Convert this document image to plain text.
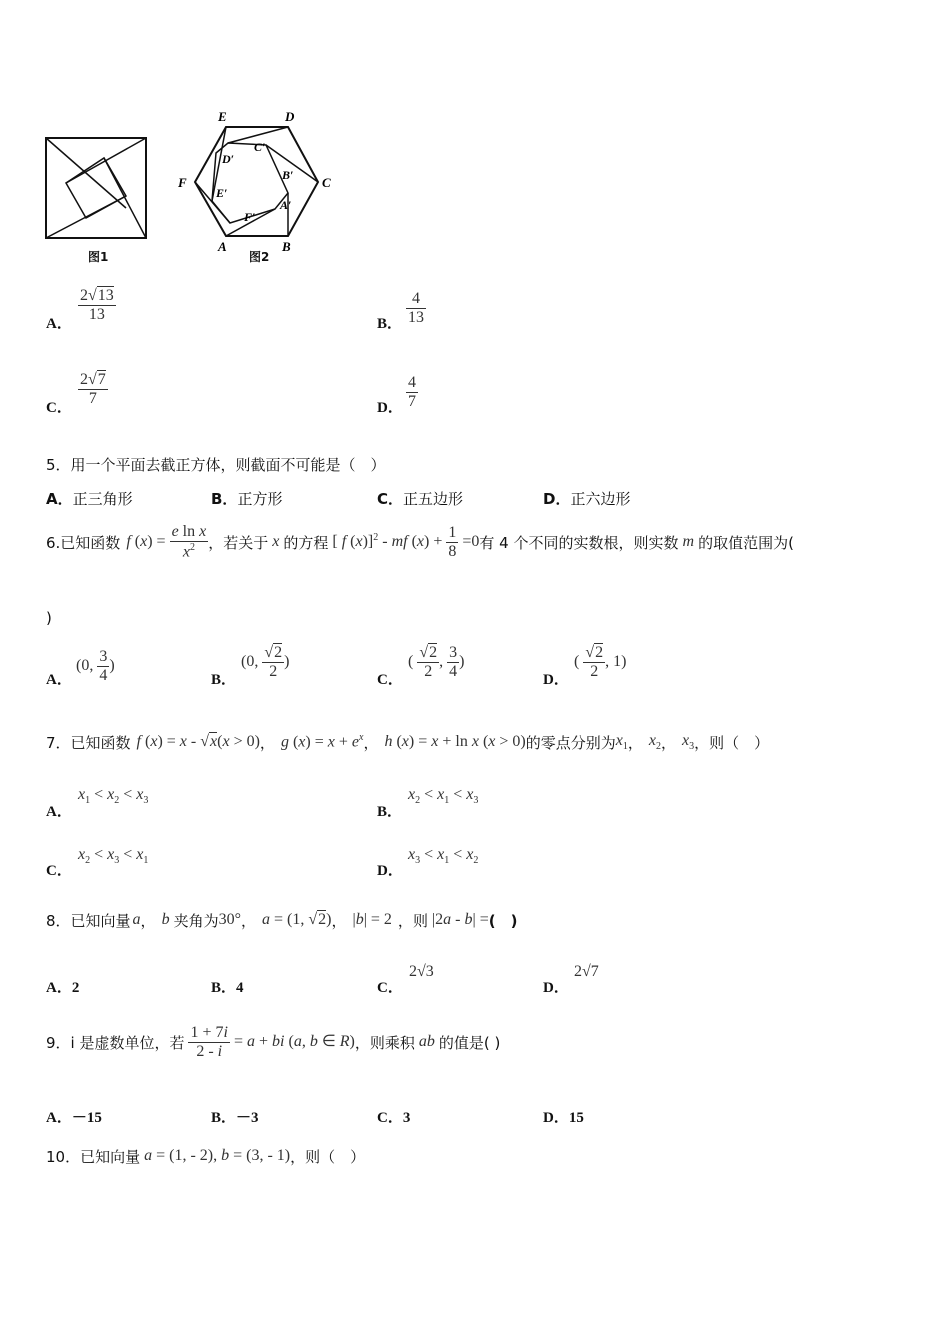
图1
E	D
F	C
A	B
D′
C′
B′
E′
A′
F′
图2
A． $\frac{2√13}{13}$	B． $\frac{4}{13}$
C． $\frac{2√7}{7}$	D． $\frac{4}{7}$
5．用一个平面去截正方体，则截面不可能是（　）
A．正三角形	B．正方形	C．正五边形	D．正六边形
6.已知函数 f $(x) = \frac{\text{e ln x}}{x^2}$ ，若关于 x 的方程 [ f (x)]$^2$ - mf $(x) + \frac{1}{8} =0$ 有 4 个不同的实数根，则实数 m 的取值范围为(
)
A．
(0, $\frac{3}{4}$ )
B．
(0, $\frac{√2}{2}$ )
C．
( $\frac{√2}{2}$ , $\frac{3}{4}$ )
D．
( $\frac{√2}{2}$ , 1)
7．已知函数 f (x) = x - √x(x > 0) ， g $(x) = x + e^x$ ， h (x) = x + ln x (x > 0) 的零点分别为 $x_1$ ， $x_2$ ， $x_3$ ，则（　）
A．
$x_1 < x_2 < x_3$
B．
$x_2 < x_1 < x_3$
C．
$x_2 < x_3 < x_1$
D．
$x_3 < x_1 < x_2$
8．已知向量 a ， b 夹角为 30° ， a = (1, √2) ， |b| = 2 ， 则 |2a - b| = (　)
A．2	B．4	C．
2√3
D．
2√7
9．i 是虚数单位，若 $\frac{1 + 7i}{2 - i} = a$ + bi (a, b ∈ R) ，则乘积 ab 的值是( )
A．－15	B．－3	C．3	D．15
10．已知向量 a = (1, - 2), b = (3, - 1) ，则（　）
